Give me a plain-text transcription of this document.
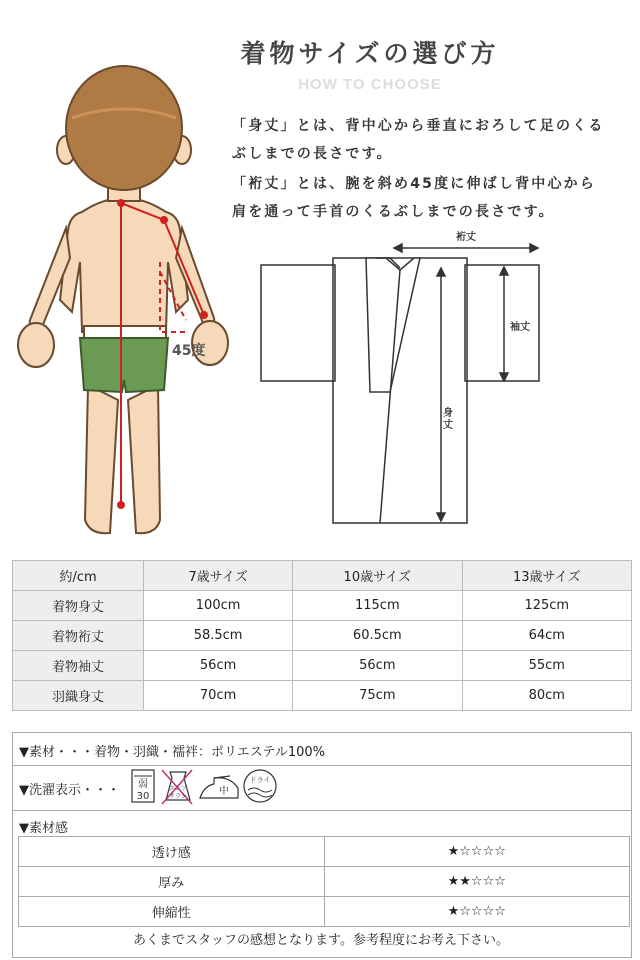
着物サイズの選び方
HOW TO CHOOSE
「身丈」とは、背中心から垂直におろして足のくるぶしまでの長さです。
「裄丈」とは、腕を斜め45度に伸ばし背中心から肩を通って手首のくるぶしまでの長さです。
裄丈
袖丈
身丈
45度
約/cm	7歳サイズ	10歳サイズ	13歳サイズ
着物身丈	100cm	115cm	125cm
着物裄丈	58.5cm	60.5cm	64cm
着物袖丈	56cm	56cm	55cm
羽織身丈	70cm	75cm	80cm
▼素材・・・着物・羽織・襦袢：ポリエステル100%
▼洗濯表示・・・
▼素材感
弱
30
エンソ
サラシ	中
ドライ
透け感	★☆☆☆☆
厚み	★★☆☆☆
伸縮性	★☆☆☆☆
あくまでスタッフの感想となります。参考程度にお考え下さい。
